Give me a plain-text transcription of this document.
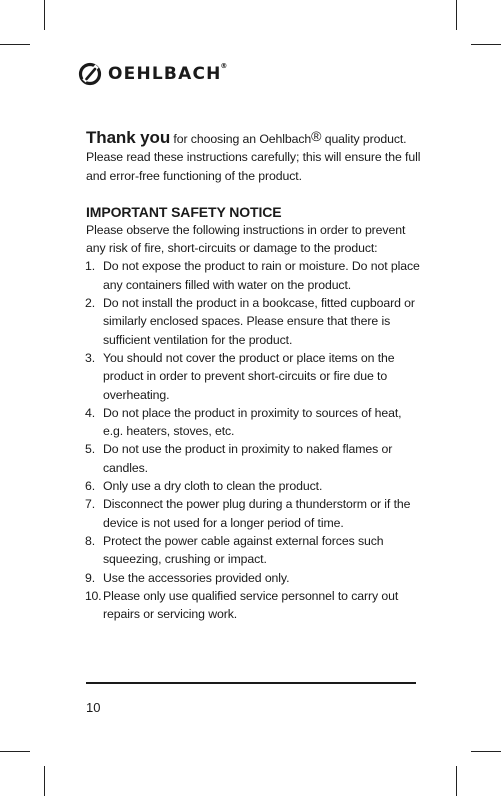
OEHLBACH
®
Thank you for choosing an Oehlbach® quality product. Please read these instructions carefully; this will ensure the full and error-free functioning of the product.
IMPORTANT SAFETY NOTICE
Please observe the following instructions in order to prevent any risk of fire, short-circuits or damage to the product:
1. Do not expose the product to rain or moisture. Do not place any containers filled with water on the product.
2. Do not install the product in a bookcase, fitted cupboard or similarly enclosed spaces. Please ensure that there is sufficient ventilation for the product.
3. You should not cover the product or place items on the product in order to prevent short-circuits or fire due to overheating.
4. Do not place the product in proximity to sources of heat, e.g. heaters, stoves, etc.
5. Do not use the product in proximity to naked flames or candles.
6. Only use a dry cloth to clean the product.
7. Disconnect the power plug during a thunderstorm or if the device is not used for a longer period of time.
8. Protect the power cable against external forces such squeezing, crushing or impact.
9. Use the accessories provided only.
10. Please only use qualified service personnel to carry out repairs or servicing work.
10
